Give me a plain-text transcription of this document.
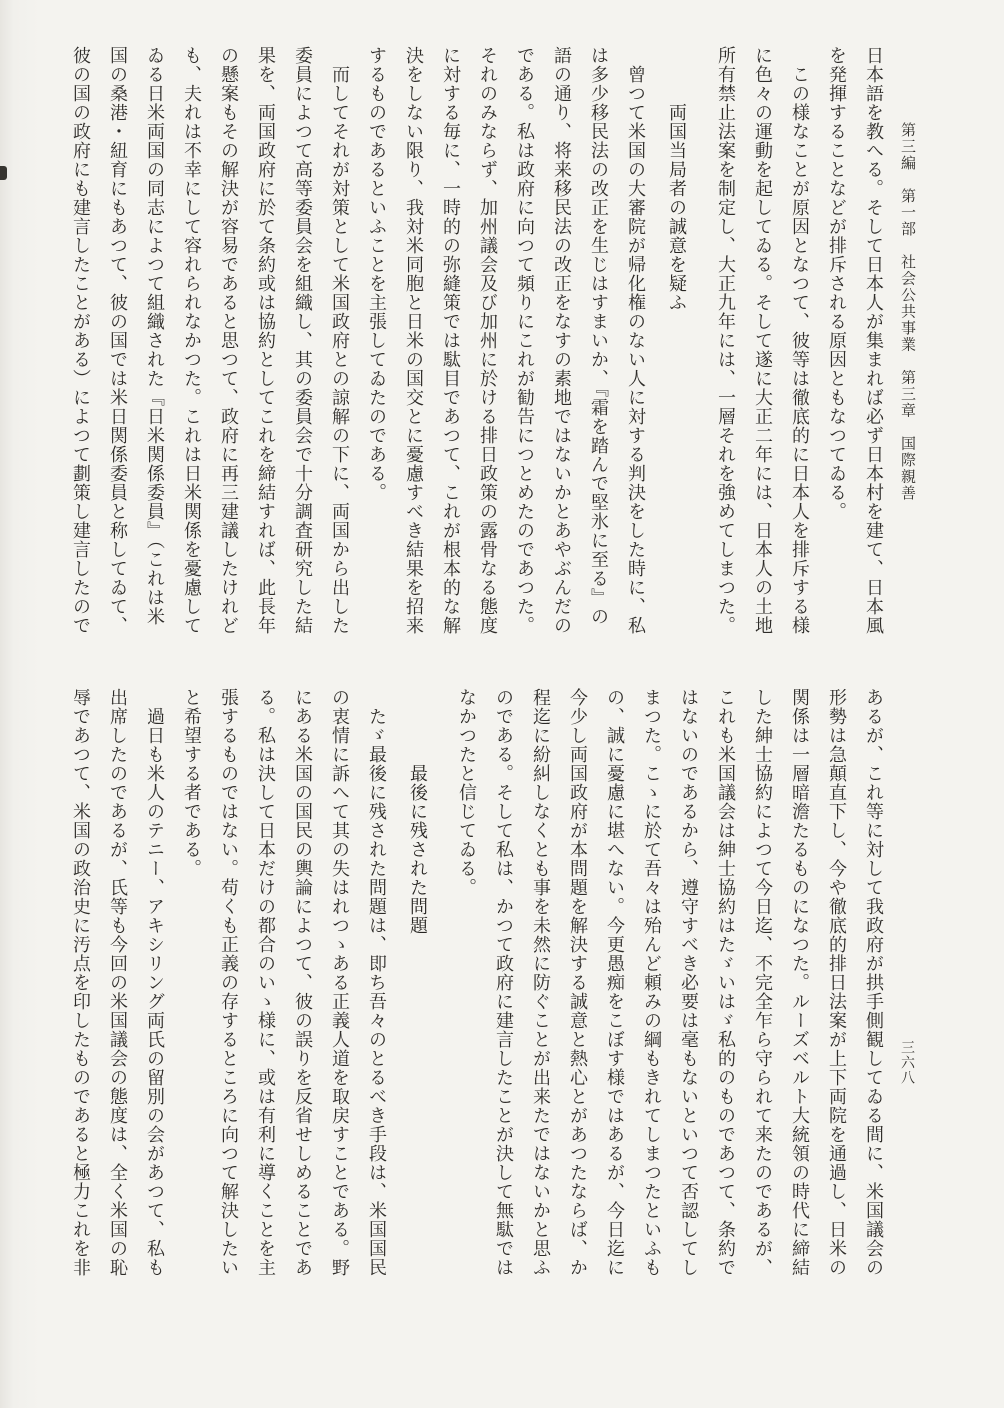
第三編　第一部　社会公共事業　第三章　国際親善
三六八
日本語を教へる。そして日本人が集まれば必ず日本村を建て、日本風
を発揮することなどが排斥される原因ともなつてゐる。
この様なことが原因となつて、彼等は徹底的に日本人を排斥する様
に色々の運動を起してゐる。そして遂に大正二年には、日本人の土地
所有禁止法案を制定し、大正九年には、一層それを強めてしまつた。
両国当局者の誠意を疑ふ
曾つて米国の大審院が帰化権のない人に対する判決をした時に、私
は多少移民法の改正を生じはすまいか、『霜を踏んで堅氷に至る』の
語の通り、将来移民法の改正をなすの素地ではないかとあやぶんだの
である。私は政府に向つて頻りにこれが勧告につとめたのであつた。
それのみならず、加州議会及び加州に於ける排日政策の露骨なる態度
に対する毎に、一時的の弥縫策では駄目であつて、これが根本的な解
決をしない限り、我対米同胞と日米の国交とに憂慮すべき結果を招来
するものであるといふことを主張してゐたのである。
而してそれが対策として米国政府との諒解の下に、両国から出した
委員によつて高等委員会を組織し、其の委員会で十分調査研究した結
果を、両国政府に於て条約或は協約としてこれを締結すれば、此長年
の懸案もその解決が容易であると思つて、政府に再三建議したけれど
も、夫れは不幸にして容れられなかつた。これは日米関係を憂慮して
ゐる日米両国の同志によつて組織された『日米関係委員』（これは米
国の桑港・紐育にもあつて、彼の国では米日関係委員と称してゐて、
彼の国の政府にも建言したことがある）によつて劃策し建言したので
あるが、これ等に対して我政府が拱手側観してゐる間に、米国議会の
形勢は急顛直下し、今や徹底的排日法案が上下両院を通過し、日米の
関係は一層暗澹たるものになつた。ルーズベルト大統領の時代に締結
した紳士協約によつて今日迄、不完全乍ら守られて来たのであるが、
これも米国議会は紳士協約はたゞいはゞ私的のものであつて、条約で
はないのであるから、遵守すべき必要は毫もないといつて否認してし
まつた。こゝに於て吾々は殆んど頼みの綱もきれてしまつたといふも
の、誠に憂慮に堪へない。今更愚痴をこぼす様ではあるが、今日迄に
今少し両国政府が本問題を解決する誠意と熱心とがあつたならば、か
程迄に紛糾しなくとも事を未然に防ぐことが出来たではないかと思ふ
のである。そして私は、かつて政府に建言したことが決して無駄では
なかつたと信じてゐる。
最後に残された問題
たゞ最後に残された問題は、即ち吾々のとるべき手段は、米国国民
の衷情に訴へて其の失はれつゝある正義人道を取戻すことである。野
にある米国の国民の輿論によつて、彼の誤りを反省せしめることであ
る。私は決して日本だけの都合のいゝ様に、或は有利に導くことを主
張するものではない。苟くも正義の存するところに向つて解決したい
と希望する者である。
過日も米人のテニー、アキシリング両氏の留別の会があつて、私も
出席したのであるが、氏等も今回の米国議会の態度は、全く米国の恥
辱であつて、米国の政治史に汚点を印したものであると極力これを非
